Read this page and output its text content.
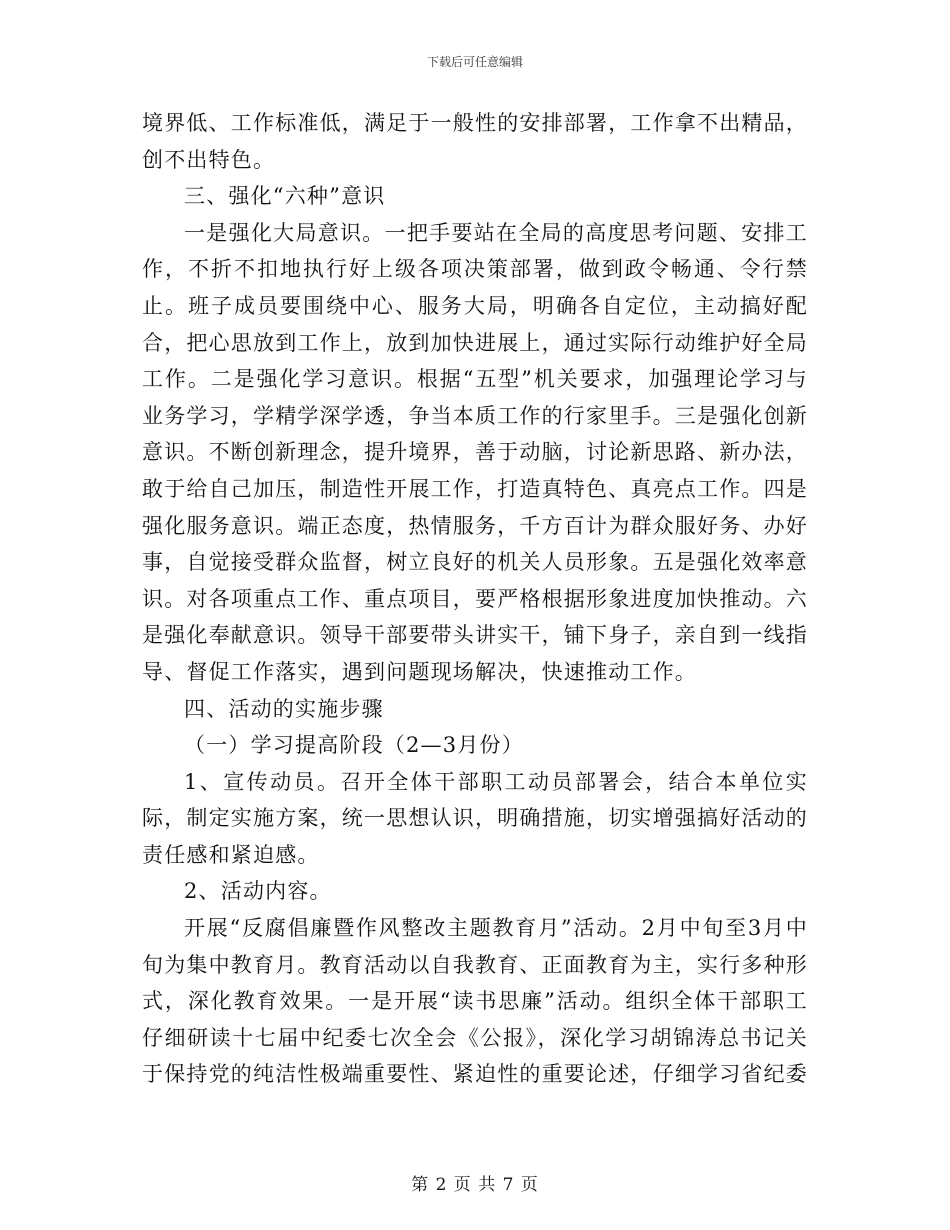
下载后可任意编辑

境界低、工作标准低，满足于一般性的安排部署，工作拿不出精品，创不出特色。

三、强化“六种”意识

一是强化大局意识。一把手要站在全局的高度思考问题、安排工作，不折不扣地执行好上级各项决策部署，做到政令畅通、令行禁止。班子成员要围绕中心、服务大局，明确各自定位，主动搞好配合，把心思放到工作上，放到加快进展上，通过实际行动维护好全局工作。二是强化学习意识。根据“五型”机关要求，加强理论学习与业务学习，学精学深学透，争当本质工作的行家里手。三是强化创新意识。不断创新理念，提升境界，善于动脑，讨论新思路、新办法，敢于给自己加压，制造性开展工作，打造真特色、真亮点工作。四是强化服务意识。端正态度，热情服务，千方百计为群众服好务、办好事，自觉接受群众监督，树立良好的机关人员形象。五是强化效率意识。对各项重点工作、重点项目，要严格根据形象进度加快推动。六是强化奉献意识。领导干部要带头讲实干，铺下身子，亲自到一线指导、督促工作落实，遇到问题现场解决，快速推动工作。

四、活动的实施步骤

（一）学习提高阶段（2—3月份）

1、宣传动员。召开全体干部职工动员部署会，结合本单位实际，制定实施方案，统一思想认识，明确措施，切实增强搞好活动的责任感和紧迫感。

2、活动内容。

开展“反腐倡廉暨作风整改主题教育月”活动。2月中旬至3月中旬为集中教育月。教育活动以自我教育、正面教育为主，实行多种形式，深化教育效果。一是开展“读书思廉”活动。组织全体干部职工仔细研读十七届中纪委七次全会《公报》，深化学习胡锦涛总书记关于保持党的纯洁性极端重要性、紧迫性的重要论述，仔细学习省纪委

第 2 页 共 7 页
